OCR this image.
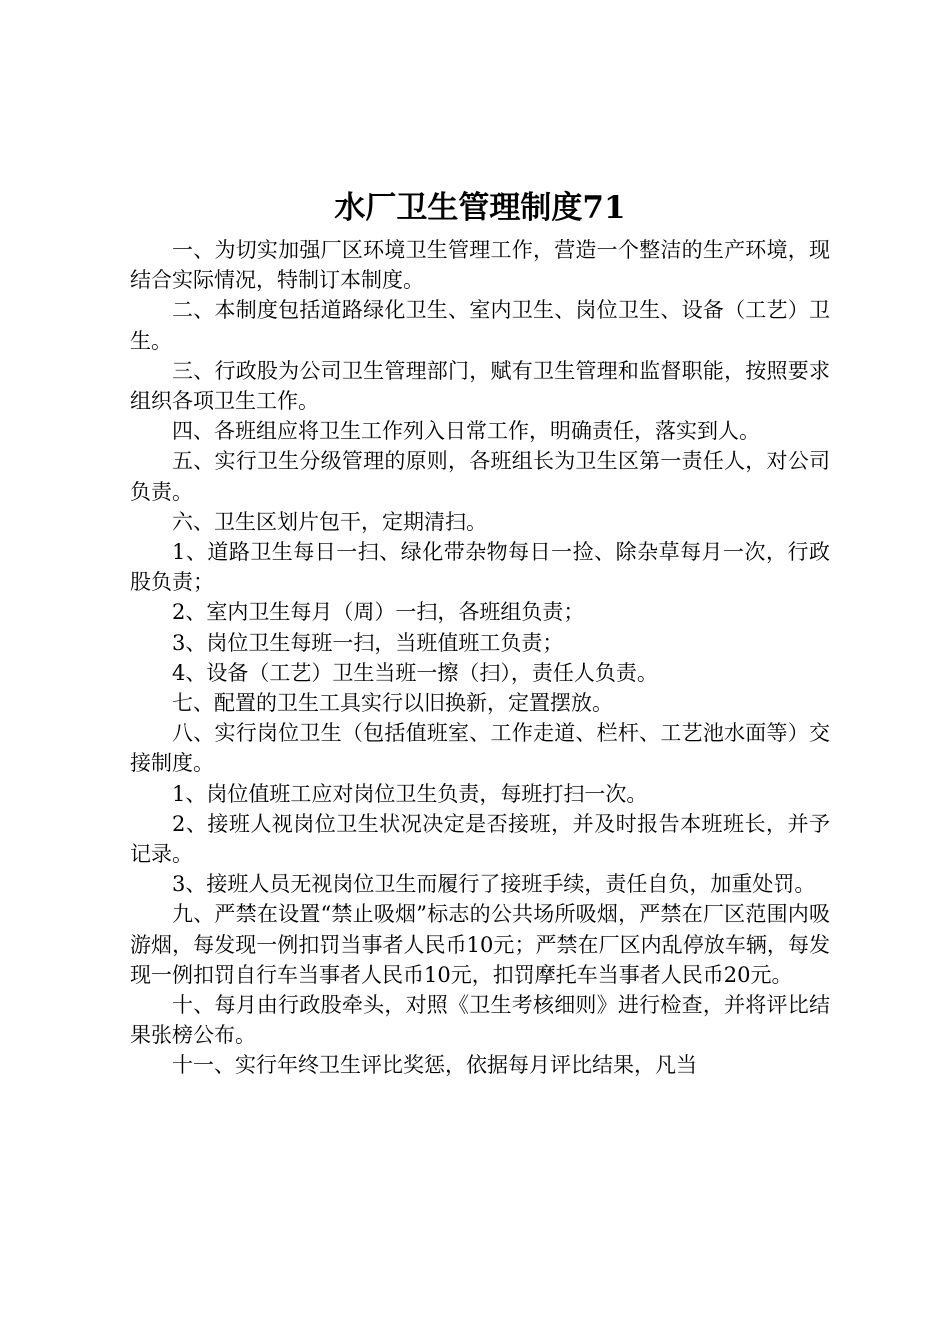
水厂卫生管理制度71

一、为切实加强厂区环境卫生管理工作，营造一个整洁的生产环境，现结合实际情况，特制订本制度。

二、本制度包括道路绿化卫生、室内卫生、岗位卫生、设备（工艺）卫生。

三、行政股为公司卫生管理部门，赋有卫生管理和监督职能，按照要求组织各项卫生工作。

四、各班组应将卫生工作列入日常工作，明确责任，落实到人。

五、实行卫生分级管理的原则，各班组长为卫生区第一责任人，对公司负责。

六、卫生区划片包干，定期清扫。

1、道路卫生每日一扫、绿化带杂物每日一捡、除杂草每月一次，行政股负责；

2、室内卫生每月（周）一扫，各班组负责；

3、岗位卫生每班一扫，当班值班工负责；

4、设备（工艺）卫生当班一擦（扫），责任人负责。

七、配置的卫生工具实行以旧换新，定置摆放。

八、实行岗位卫生（包括值班室、工作走道、栏杆、工艺池水面等）交接制度。

1、岗位值班工应对岗位卫生负责，每班打扫一次。

2、接班人视岗位卫生状况决定是否接班，并及时报告本班班长，并予记录。

3、接班人员无视岗位卫生而履行了接班手续，责任自负，加重处罚。

九、严禁在设置“禁止吸烟”标志的公共场所吸烟，严禁在厂区范围内吸游烟，每发现一例扣罚当事者人民币10元；严禁在厂区内乱停放车辆，每发现一例扣罚自行车当事者人民币10元，扣罚摩托车当事者人民币20元。

十、每月由行政股牵头，对照《卫生考核细则》进行检查，并将评比结果张榜公布。

十一、实行年终卫生评比奖惩，依据每月评比结果，凡当
